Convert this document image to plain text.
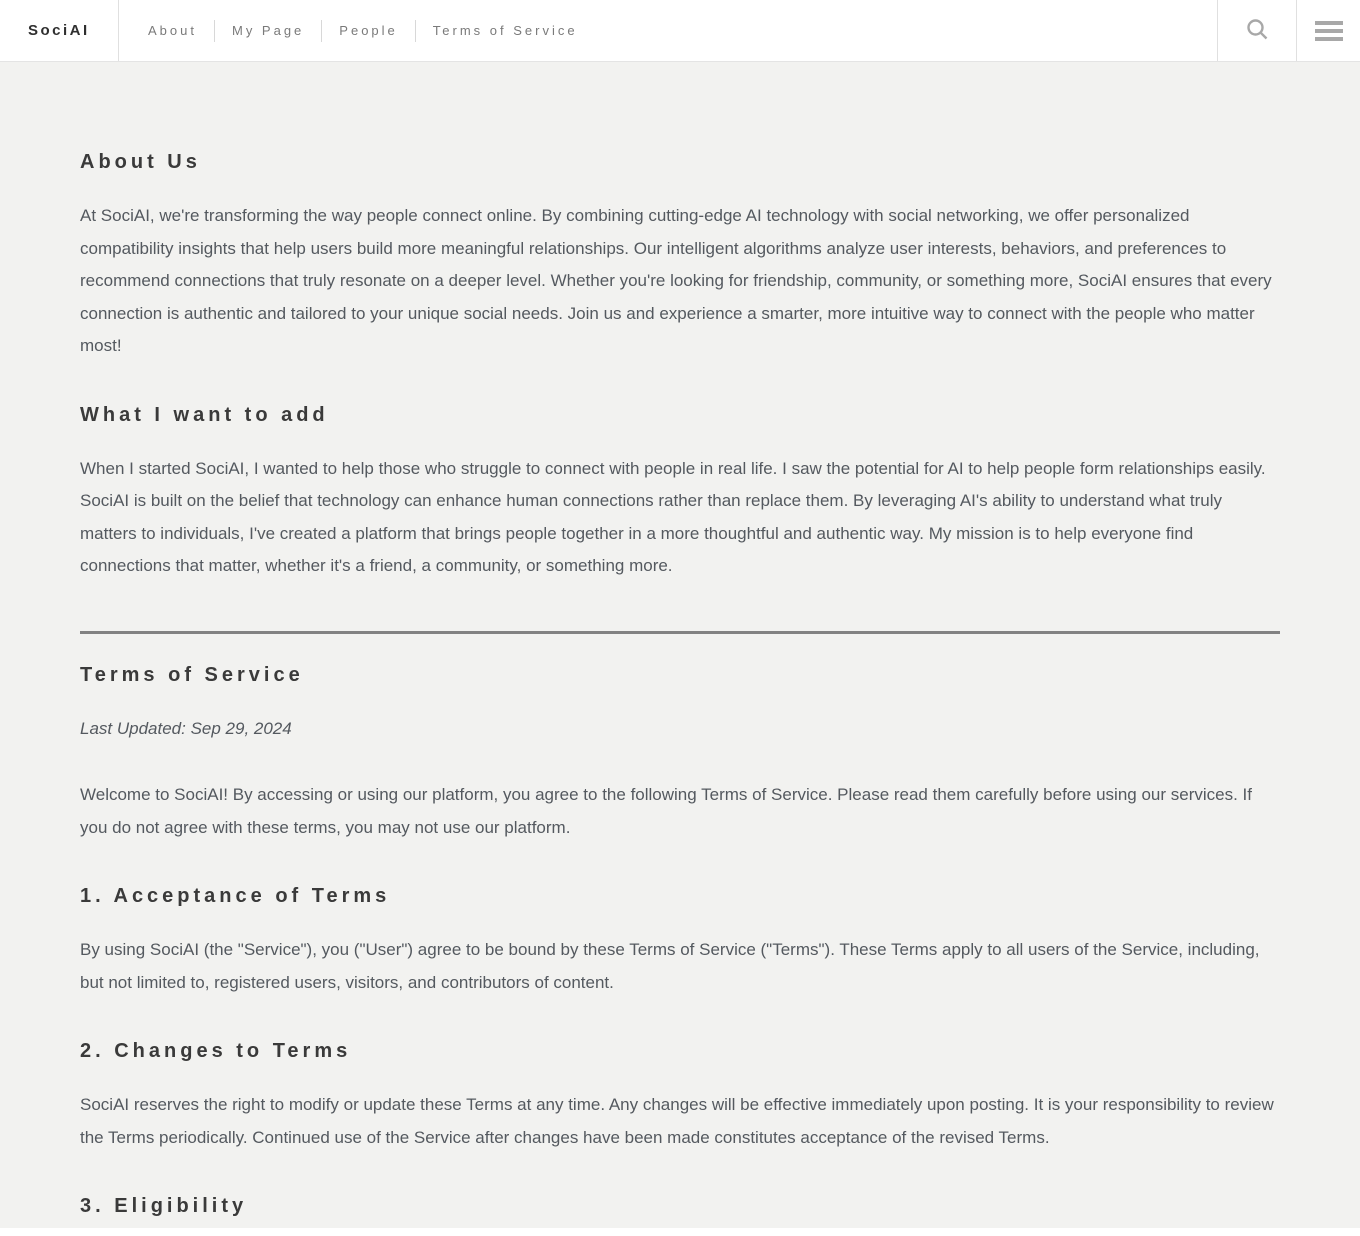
SociAI	About	My Page	People	Terms of Service
About Us

At SociAI, we're transforming the way people connect online. By combining cutting-edge AI technology with social networking, we offer personalized compatibility insights that help users build more meaningful relationships. Our intelligent algorithms analyze user interests, behaviors, and preferences to recommend connections that truly resonate on a deeper level. Whether you're looking for friendship, community, or something more, SociAI ensures that every connection is authentic and tailored to your unique social needs. Join us and experience a smarter, more intuitive way to connect with the people who matter most!

What I want to add

When I started SociAI, I wanted to help those who struggle to connect with people in real life. I saw the potential for AI to help people form relationships easily. SociAI is built on the belief that technology can enhance human connections rather than replace them. By leveraging AI's ability to understand what truly matters to individuals, I've created a platform that brings people together in a more thoughtful and authentic way. My mission is to help everyone find connections that matter, whether it's a friend, a community, or something more.

Terms of Service

Last Updated: Sep 29, 2024

Welcome to SociAI! By accessing or using our platform, you agree to the following Terms of Service. Please read them carefully before using our services. If you do not agree with these terms, you may not use our platform.

1. Acceptance of Terms

By using SociAI (the "Service"), you ("User") agree to be bound by these Terms of Service ("Terms"). These Terms apply to all users of the Service, including, but not limited to, registered users, visitors, and contributors of content.

2. Changes to Terms

SociAI reserves the right to modify or update these Terms at any time. Any changes will be effective immediately upon posting. It is your responsibility to review the Terms periodically. Continued use of the Service after changes have been made constitutes acceptance of the revised Terms.

3. Eligibility
